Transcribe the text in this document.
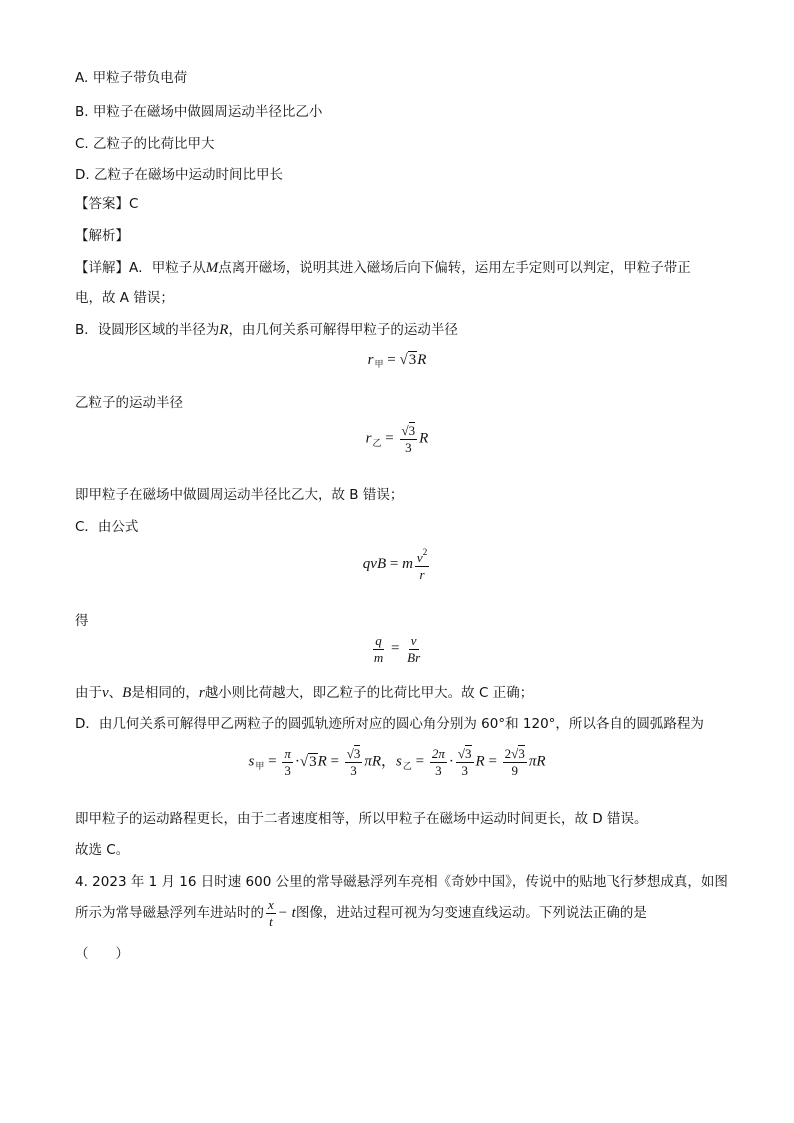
A. 甲粒子带负电荷
B. 甲粒子在磁场中做圆周运动半径比乙小
C. 乙粒子的比荷比甲大
D. 乙粒子在磁场中运动时间比甲长
【答案】C
【解析】
【详解】A．甲粒子从M点离开磁场，说明其进入磁场后向下偏转，运用左手定则可以判定，甲粒子带正
电，故 A 错误；
B．设圆形区域的半径为R，由几何关系可解得甲粒子的运动半径
$r_甲 = √3R$
乙粒子的运动半径
$r_乙 = \frac{√3}{3}$ R
即甲粒子在磁场中做圆周运动半径比乙大，故 B 错误；
C．由公式
qvB = m $\frac{v^2}{r}$
得
$\frac{q}{m} = \frac{v}{Br}$
由于v、B是相同的，r越小则比荷越大，即乙粒子的比荷比甲大。故 C 正确；
D．由几何关系可解得甲乙两粒子的圆弧轨迹所对应的圆心角分别为 60°和 120°，所以各自的圆弧路程为
$s_甲 = \frac{\pi}{3} \cdot√3R = \frac{√3}{3}$ πR，$s_乙 = \frac{2\pi}{3} \cdot \frac{√3}{3}$ $R = \frac{2√3}{9}$ πR
即甲粒子的运动路程更长，由于二者速度相等，所以甲粒子在磁场中运动时间更长，故 D 错误。
故选 C。
4. 2023 年 1 月 16 日时速 600 公里的常导磁悬浮列车亮相《奇妙中国》，传说中的贴地飞行梦想成真，如图
所示为常导磁悬浮列车进站时的 $\frac{x}{t} - t$图像，进站过程可视为匀变速直线运动。下列说法正确的是
（　　）
